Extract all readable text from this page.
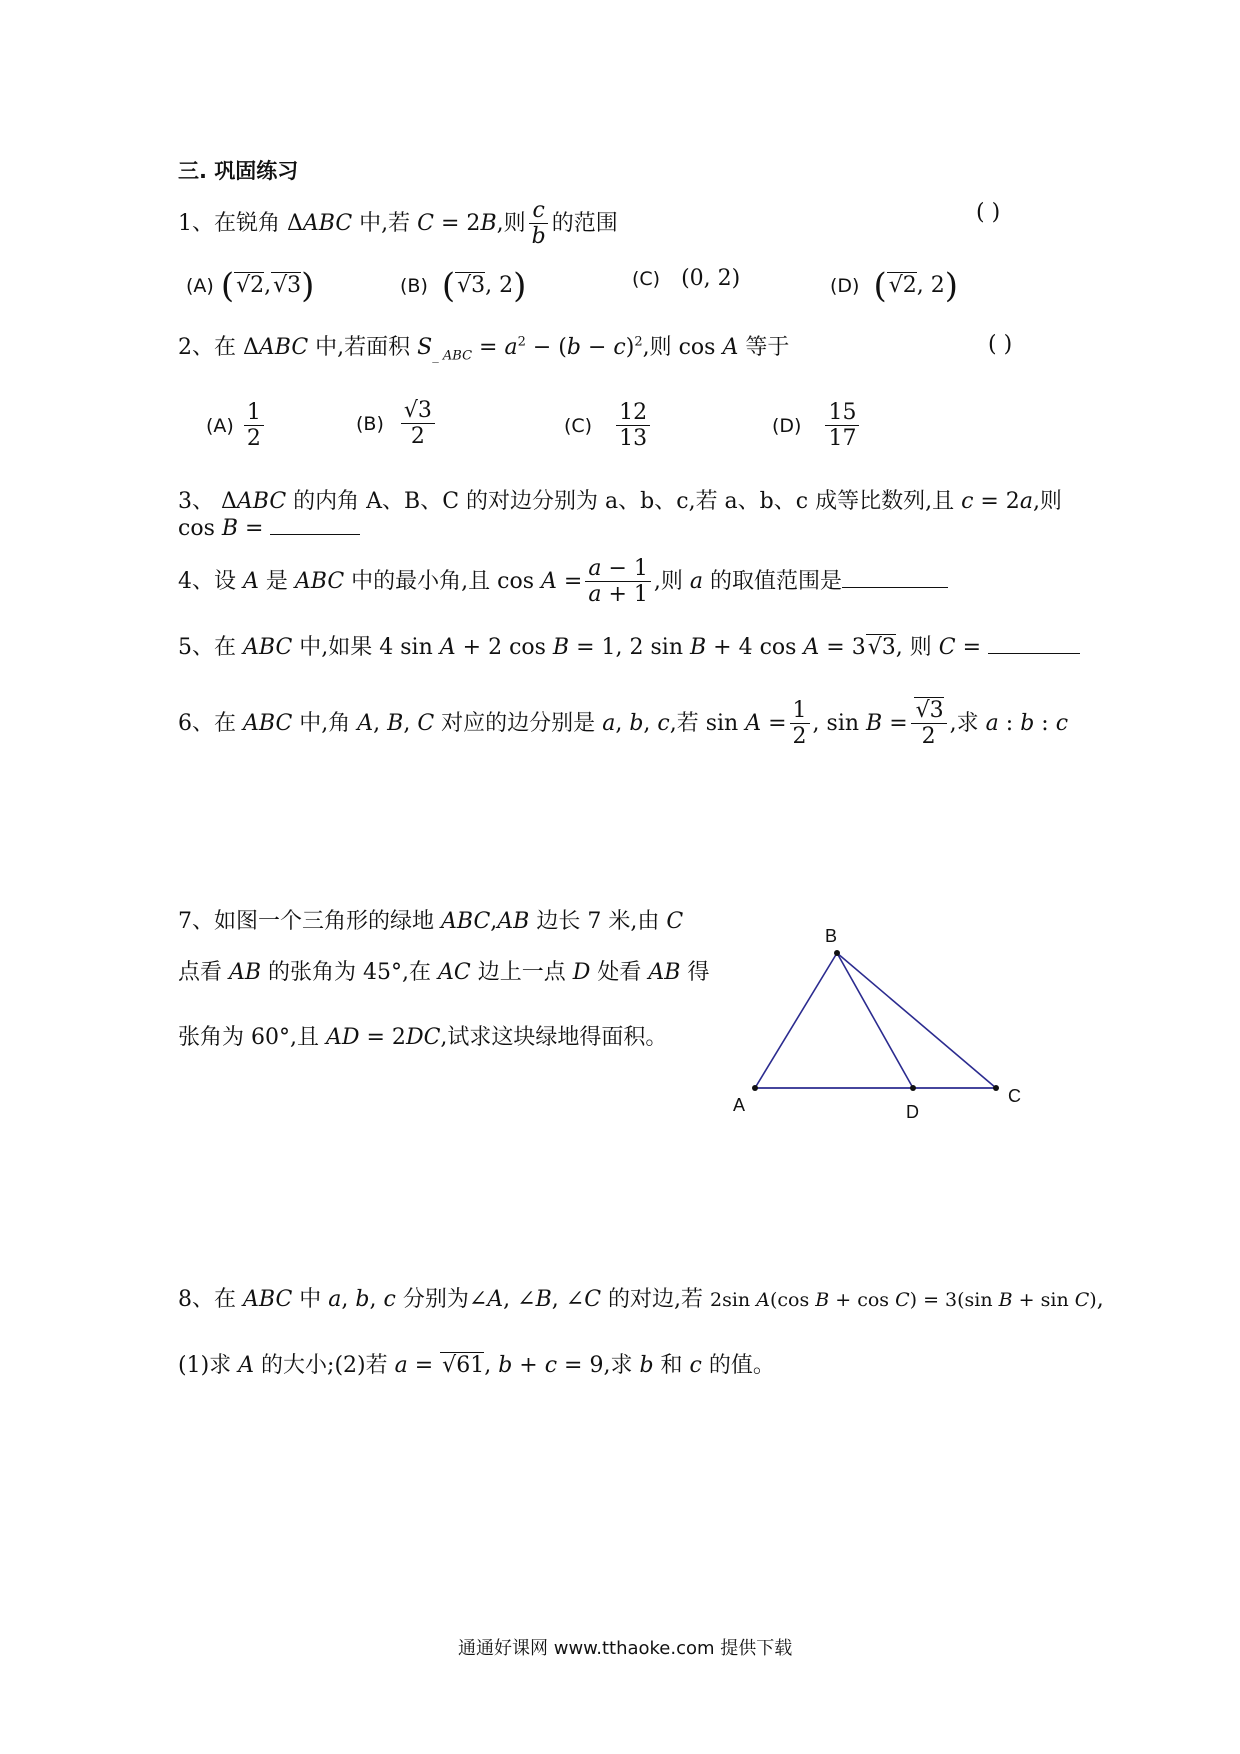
三. 巩固练习
1、在锐角 ΔABC 中,若 C = 2B,则 $\frac{c}{b}$ 的范围	( )
(A) (√2,√3)	(B) (√3, 2)	(C)   (0, 2)	(D) (√2, 2)
2、在 ΔABC 中,若面积 $S_{\_ ABC} = a^2 - (b - c)^2$,则 cos A 等于	( )
$(A) \frac{1}{2}$	$(B) \frac{√3}{2}$	$(C) \frac{12}{13}$	$(D) \frac{15}{17}$
3、 ΔABC 的内角 A、B、C 的对边分别为 a、b、c,若 a、b、c 成等比数列,且 c = 2a,则
cos B =
4、设 A 是 ABC 中的最小角,且 $\cos A = \frac{a - 1}{a + 1}$ ,则 a 的取值范围是
5、在 ABC 中,如果 4 sin A + 2 cos B = 1, 2 sin B + 4 cos A = 3√3, 则 C =
6、在 ABC 中,角 A, B, C 对应的边分别是 a, b, c,若 $\sin A = \frac{1}{2}$ , $\sin B = \frac{√3}{2}$ ,求 a : b : c
7、如图一个三角形的绿地 ABC,AB 边长 7 米,由 C
点看 AB 的张角为 45°,在 AC 边上一点 D 处看 AB 得
张角为 60°,且 AD = 2DC,试求这块绿地得面积。
B
A	D
C
8、在 ABC 中 a, b, c 分别为∠A, ∠B, ∠C 的对边,若 2sin A(cos B + cos C) = 3(sin B + sin C),
(1)求 A 的大小;(2)若 a = √61, b + c = 9,求 b 和 c 的值。
通通好课网 www.tthaoke.com 提供下载
